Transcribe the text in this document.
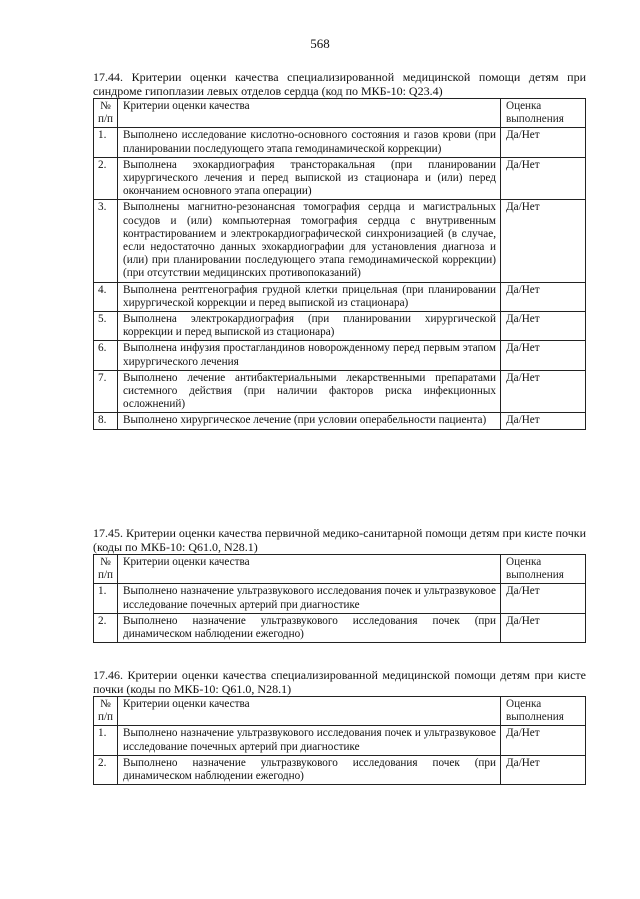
568
17.44. Критерии оценки качества специализированной медицинской помощи детям при синдроме гипоплазии левых отделов сердца (код по МКБ-10: Q23.4)
№ п/п	Критерии оценки качества	Оценка выполнения
1.	Выполнено исследование кислотно-основного состояния и газов крови (при планировании последующего этапа гемодинамической коррекции)	Да/Нет
2.	Выполнена эхокардиография трансторакальная (при планировании хирургического лечения и перед выпиской из стационара и (или) перед окончанием основного этапа операции)	Да/Нет
3.	Выполнены магнитно-резонансная томография сердца и магистральных сосудов и (или) компьютерная томография сердца с внутривенным контрастированием и электрокардиографической синхронизацией (в случае, если недостаточно данных эхокардиографии для установления диагноза и (или) при планировании последующего этапа гемодинамической коррекции) (при отсутствии медицинских противопоказаний)	Да/Нет
4.	Выполнена рентгенография грудной клетки прицельная (при планировании хирургической коррекции и перед выпиской из стационара)	Да/Нет
5.	Выполнена электрокардиография (при планировании хирургической коррекции и перед выпиской из стационара)	Да/Нет
6.	Выполнена инфузия простагландинов новорожденному перед первым этапом хирургического лечения	Да/Нет
7.	Выполнено лечение антибактериальными лекарственными препаратами системного действия (при наличии факторов риска инфекционных осложнений)	Да/Нет
8.	Выполнено хирургическое лечение (при условии операбельности пациента)	Да/Нет
17.45. Критерии оценки качества первичной медико-санитарной помощи детям при кисте почки (коды по МКБ-10: Q61.0, N28.1)
№ п/п	Критерии оценки качества	Оценка выполнения
1.	Выполнено назначение ультразвукового исследования почек и ультразвуковое исследование почечных артерий при диагностике	Да/Нет
2.	Выполнено назначение ультразвукового исследования почек (при динамическом наблюдении ежегодно)	Да/Нет
17.46. Критерии оценки качества специализированной медицинской помощи детям при кисте почки (коды по МКБ-10: Q61.0, N28.1)
№ п/п	Критерии оценки качества	Оценка выполнения
1.	Выполнено назначение ультразвукового исследования почек и ультразвуковое исследование почечных артерий при диагностике	Да/Нет
2.	Выполнено назначение ультразвукового исследования почек (при динамическом наблюдении ежегодно)	Да/Нет
